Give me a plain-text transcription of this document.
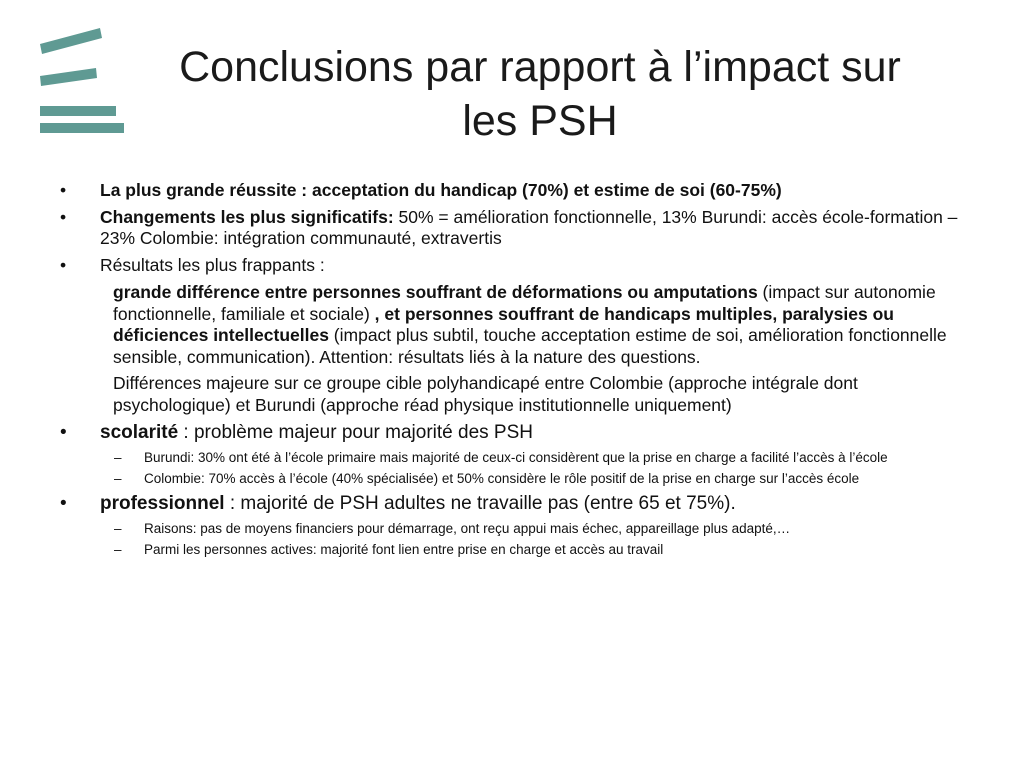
Conclusions par rapport à l’impact sur
les PSH
• La plus grande réussite : acceptation du handicap (70%) et estime de soi (60-75%)
• Changements les plus significatifs: 50% = amélioration fonctionnelle, 13% Burundi: accès école-formation – 23% Colombie: intégration communauté, extravertis
• Résultats les plus frappants :
grande différence entre personnes souffrant de déformations ou amputations (impact sur autonomie fonctionnelle, familiale et sociale) , et personnes souffrant de handicaps multiples, paralysies ou déficiences intellectuelles (impact plus subtil, touche acceptation estime de soi, amélioration fonctionnelle sensible, communication). Attention: résultats liés à la nature des questions.
Différences majeure sur ce groupe cible polyhandicapé entre Colombie (approche intégrale dont psychologique) et Burundi (approche réad physique institutionnelle uniquement)
• scolarité : problème majeur pour majorité des PSH
– Burundi: 30% ont été à l’école primaire mais majorité de ceux-ci considèrent que la prise en charge a facilité l’accès à l’école
– Colombie: 70% accès à l’école (40% spécialisée) et 50% considère le rôle positif de la prise en charge sur l’accès école
• professionnel : majorité de PSH adultes ne travaille pas (entre 65 et 75%).
– Raisons: pas de moyens financiers pour démarrage, ont reçu appui mais échec, appareillage plus adapté,…
– Parmi les personnes actives: majorité font lien entre prise en charge et accès au travail
